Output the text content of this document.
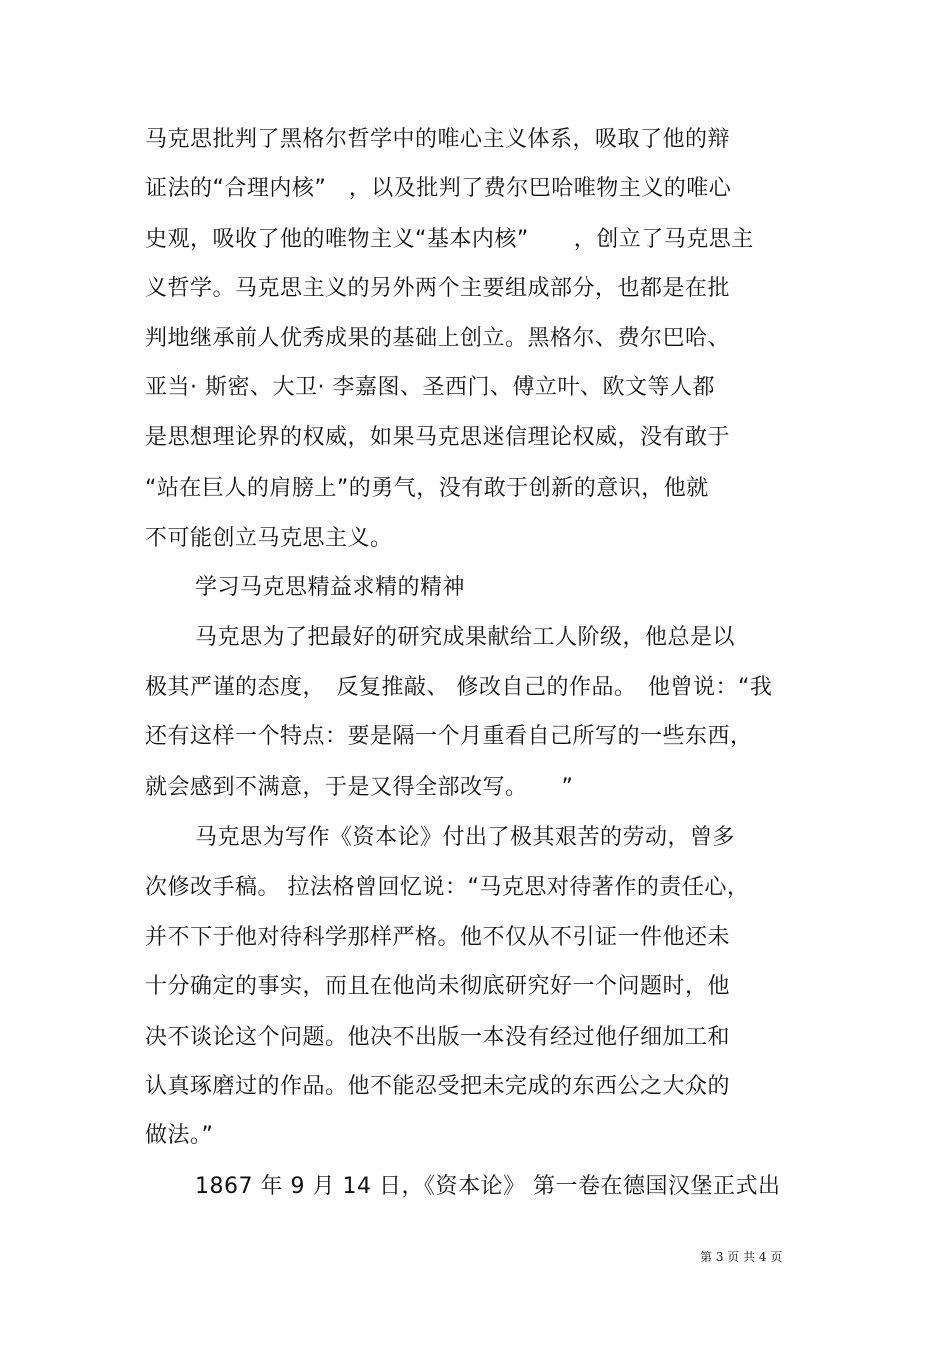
马克思批判了黑格尔哲学中的唯心主义体系，吸取了他的辩
证法的“合理内核”　，以及批判了费尔巴哈唯物主义的唯心
史观，吸收了他的唯物主义“基本内核”　　，创立了马克思主
义哲学。马克思主义的另外两个主要组成部分，也都是在批
判地继承前人优秀成果的基础上创立。黑格尔、费尔巴哈、
亚当· 斯密、大卫· 李嘉图、圣西门、傅立叶、欧文等人都
是思想理论界的权威，如果马克思迷信理论权威，没有敢于
“站在巨人的肩膀上”的勇气，没有敢于创新的意识，他就
不可能创立马克思主义。
学习马克思精益求精的精神
马克思为了把最好的研究成果献给工人阶级，他总是以
极其严谨的态度，　反复推敲、 修改自己的作品。　他曾说：“我
还有这样一个特点：要是隔一个月重看自己所写的一些东西，
就会感到不满意，于是又得全部改写。　　”
马克思为写作《资本论》付出了极其艰苦的劳动，曾多
次修改手稿。 拉法格曾回忆说：“马克思对待著作的责任心，
并不下于他对待科学那样严格。他不仅从不引证一件他还未
十分确定的事实，而且在他尚未彻底研究好一个问题时，他
决不谈论这个问题。他决不出版一本没有经过他仔细加工和
认真琢磨过的作品。他不能忍受把未完成的东西公之大众的
做法。”
1867 年 9 月 14 日，《资本论》 第一卷在德国汉堡正式出
第 3 页 共 4 页
